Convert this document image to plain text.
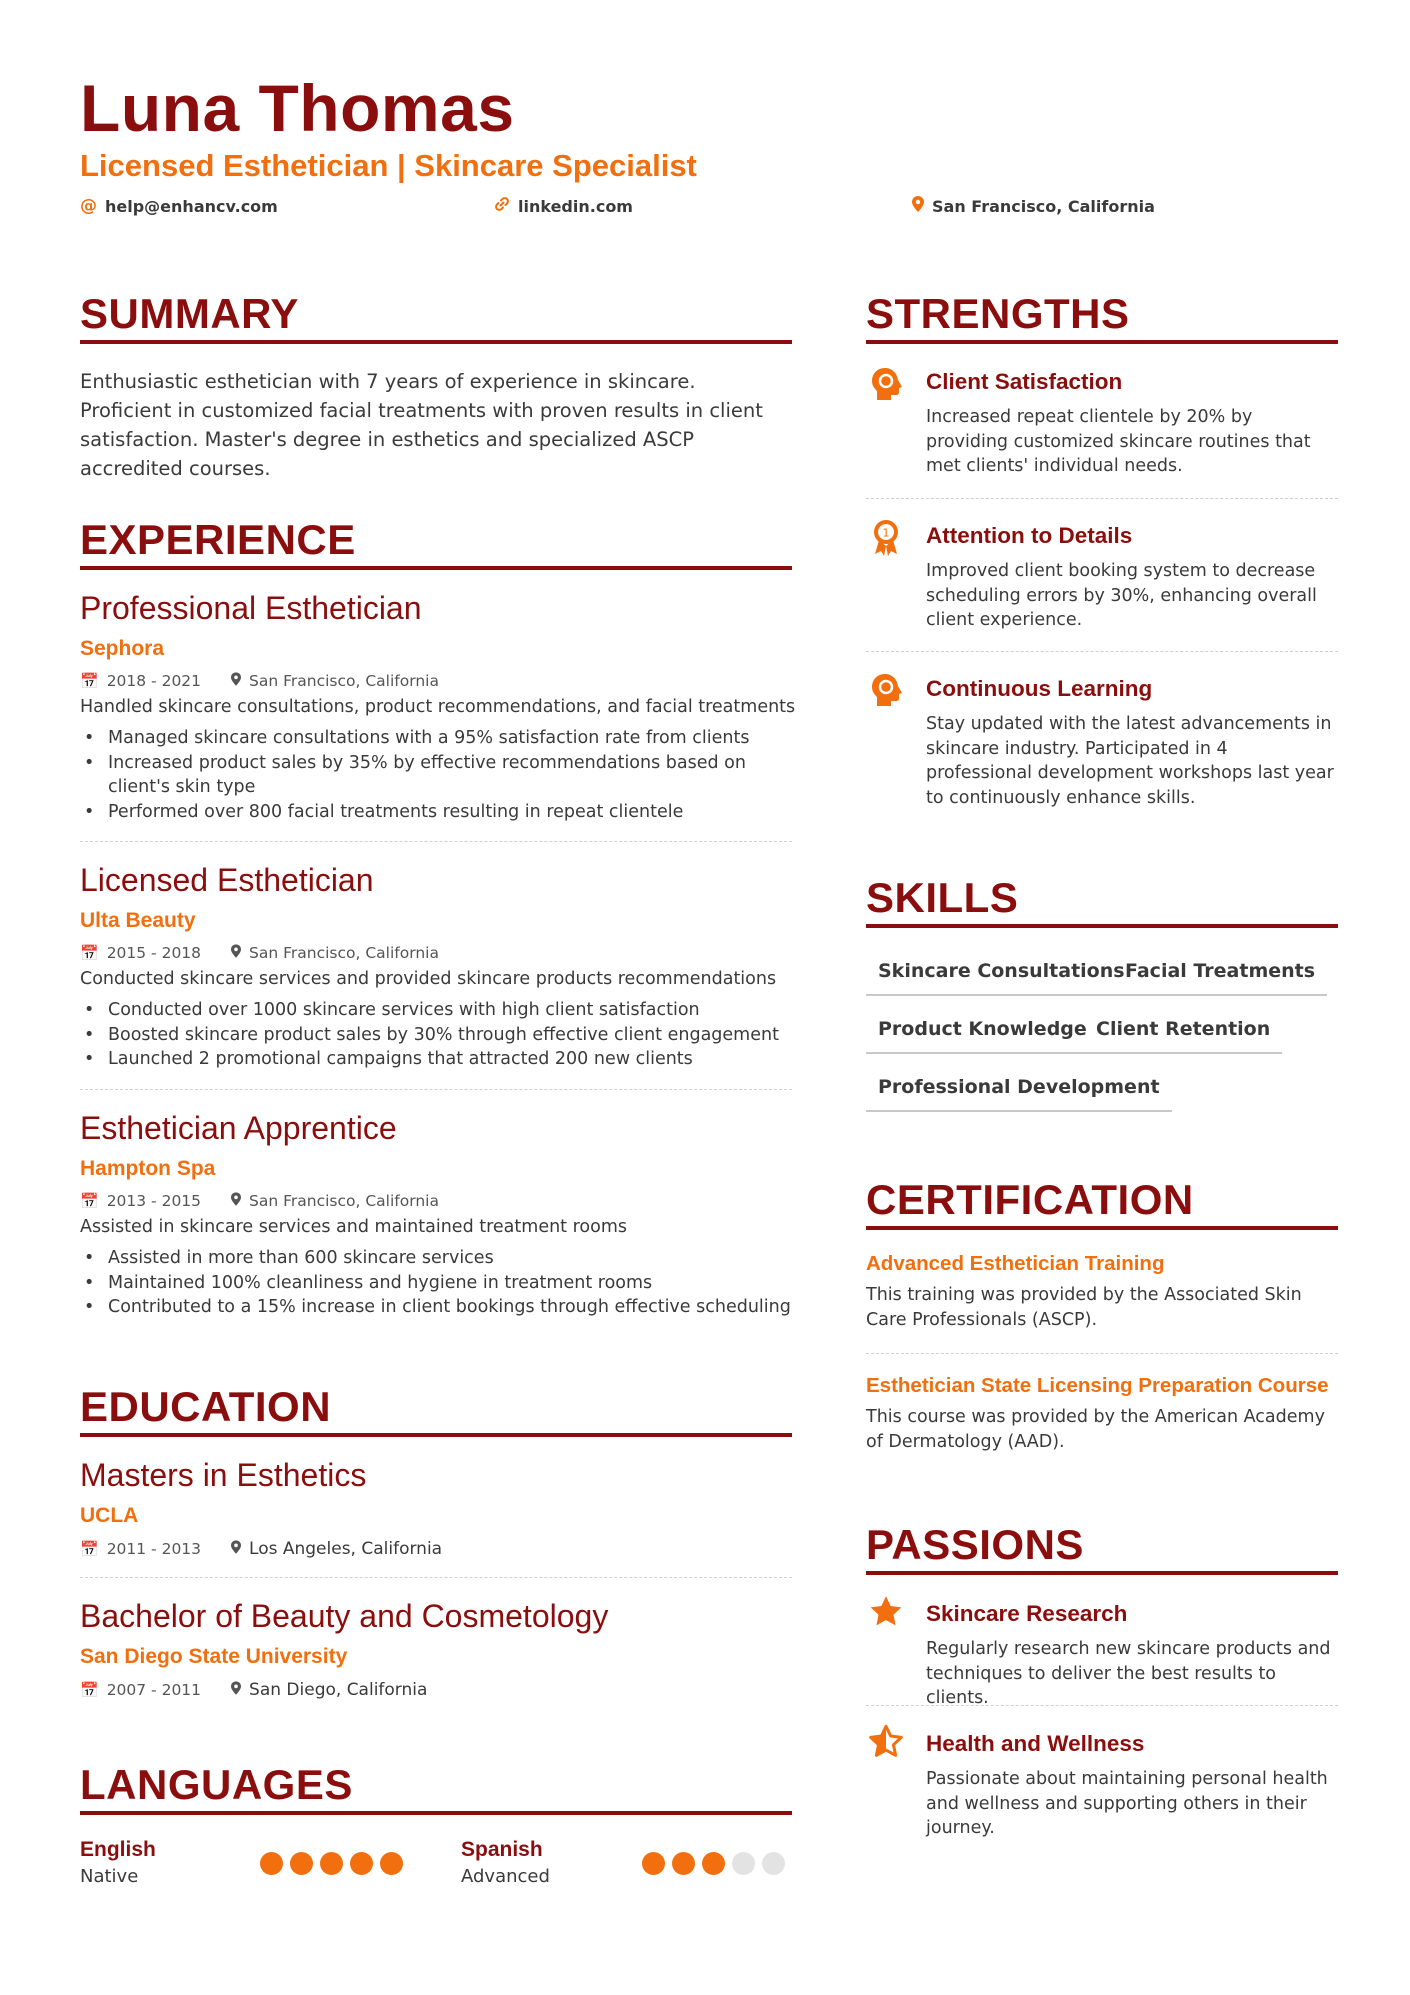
Luna Thomas
Licensed Esthetician | Skincare Specialist
@ help@enhancv.com	linkedin.com	San Francisco, California
SUMMARY
Enthusiastic esthetician with 7 years of experience in skincare. Proficient in customized facial treatments with proven results in client satisfaction. Master's degree in esthetics and specialized ASCP accredited courses.
EXPERIENCE
Professional Esthetician
Sephora
📅 2018 - 2021	San Francisco, California
Handled skincare consultations, product recommendations, and facial treatments
• Managed skincare consultations with a 95% satisfaction rate from clients
• Increased product sales by 35% by effective recommendations based on client's skin type
• Performed over 800 facial treatments resulting in repeat clientele
Licensed Esthetician
Ulta Beauty
📅 2015 - 2018	San Francisco, California
Conducted skincare services and provided skincare products recommendations
• Conducted over 1000 skincare services with high client satisfaction
• Boosted skincare product sales by 30% through effective client engagement
• Launched 2 promotional campaigns that attracted 200 new clients
Esthetician Apprentice
Hampton Spa
📅 2013 - 2015	San Francisco, California
Assisted in skincare services and maintained treatment rooms
• Assisted in more than 600 skincare services
• Maintained 100% cleanliness and hygiene in treatment rooms
• Contributed to a 15% increase in client bookings through effective scheduling
EDUCATION
Masters in Esthetics
UCLA
📅 2011 - 2013	Los Angeles, California
Bachelor of Beauty and Cosmetology
San Diego State University
📅 2007 - 2011	San Diego, California
LANGUAGES
English
Native
Spanish
Advanced
STRENGTHS
Client Satisfaction
Increased repeat clientele by 20% by providing customized skincare routines that met clients' individual needs.
1 Attention to Details
Improved client booking system to decrease scheduling errors by 30%, enhancing overall client experience.
Continuous Learning
Stay updated with the latest advancements in skincare industry. Participated in 4 professional development workshops last year to continuously enhance skills.
SKILLS
Skincare Consultations Facial Treatments
Product Knowledge Client Retention
Professional Development
CERTIFICATION
Advanced Esthetician Training
This training was provided by the Associated Skin Care Professionals (ASCP).
Esthetician State Licensing Preparation Course
This course was provided by the American Academy of Dermatology (AAD).
PASSIONS
Skincare Research
Regularly research new skincare products and techniques to deliver the best results to clients.
Health and Wellness
Passionate about maintaining personal health and wellness and supporting others in their journey.
